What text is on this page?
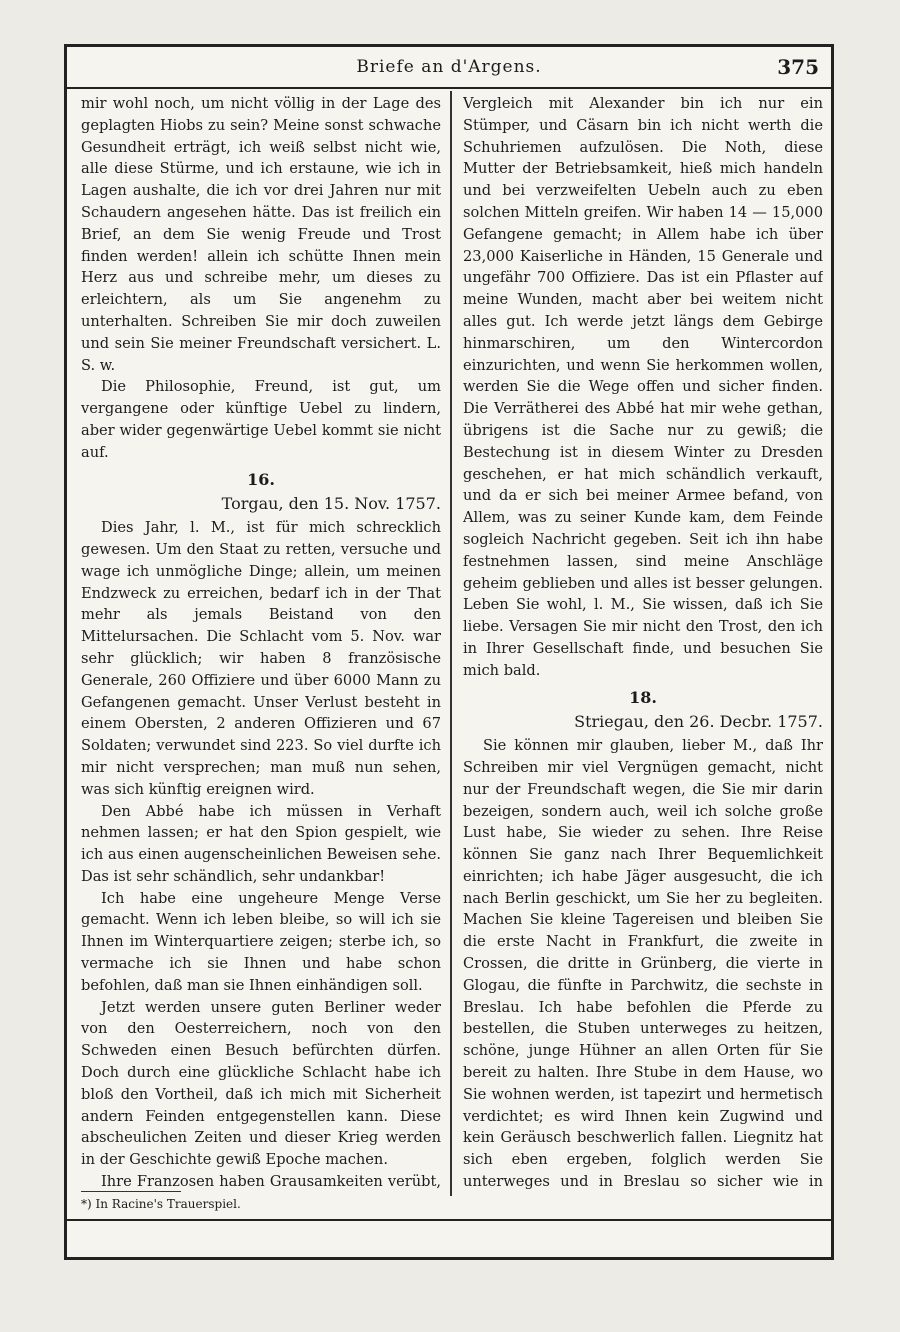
Briefe an d'Argens.	375

mir wohl noch, um nicht völlig in der Lage des geplagten Hiobs zu sein? Meine sonst schwache Gesundheit erträgt, ich weiß selbst nicht wie, alle diese Stürme, und ich erstaune, wie ich in Lagen aushalte, die ich vor drei Jahren nur mit Schaudern angesehen hätte. Das ist freilich ein Brief, an dem Sie wenig Freude und Trost finden werden! allein ich schütte Ihnen mein Herz aus und schreibe mehr, um dieses zu erleichtern, als um Sie angenehm zu unterhalten. Schreiben Sie mir doch zuweilen und sein Sie meiner Freundschaft versichert. L. S. w.

Die Philosophie, Freund, ist gut, um vergangene oder künftige Uebel zu lindern, aber wider gegenwärtige Uebel kommt sie nicht auf.

16.
Torgau, den 15. Nov. 1757.

Dies Jahr, l. M., ist für mich schrecklich gewesen. Um den Staat zu retten, versuche und wage ich unmögliche Dinge; allein, um meinen Endzweck zu erreichen, bedarf ich in der That mehr als jemals Beistand von den Mittelursachen. Die Schlacht vom 5. Nov. war sehr glücklich; wir haben 8 französische Generale, 260 Offiziere und über 6000 Mann zu Gefangenen gemacht. Unser Verlust besteht in einem Obersten, 2 anderen Offizieren und 67 Soldaten; verwundet sind 223. So viel durfte ich mir nicht versprechen; man muß nun sehen, was sich künftig ereignen wird.

Den Abbé habe ich müssen in Verhaft nehmen lassen; er hat den Spion gespielt, wie ich aus einen augenscheinlichen Beweisen sehe. Das ist sehr schändlich, sehr undankbar!

Ich habe eine ungeheure Menge Verse gemacht. Wenn ich leben bleibe, so will ich sie Ihnen im Winterquartiere zeigen; sterbe ich, so vermache ich sie Ihnen und habe schon befohlen, daß man sie Ihnen einhändigen soll.

Jetzt werden unsere guten Berliner weder von den Oesterreichern, noch von den Schweden einen Besuch befürchten dürfen. Doch durch eine glückliche Schlacht habe ich bloß den Vortheil, daß ich mich mit Sicherheit andern Feinden entgegenstellen kann. Diese abscheulichen Zeiten und dieser Krieg werden in der Geschichte gewiß Epoche machen.

Ihre Franzosen haben Grausamkeiten verübt,

Vergleich mit Alexander bin ich nur ein Stümper, und Cäsarn bin ich nicht werth die Schuhriemen aufzulösen. Die Noth, diese Mutter der Betriebsamkeit, hieß mich handeln und bei verzweifelten Uebeln auch zu eben solchen Mitteln greifen. Wir haben 14 — 15,000 Gefangene gemacht; in Allem habe ich über 23,000 Kaiserliche in Händen, 15 Generale und ungefähr 700 Offiziere. Das ist ein Pflaster auf meine Wunden, macht aber bei weitem nicht alles gut. Ich werde jetzt längs dem Gebirge hinmarschiren, um den Wintercordon einzurichten, und wenn Sie herkommen wollen, werden Sie die Wege offen und sicher finden. Die Verrätherei des Abbé hat mir wehe gethan, übrigens ist die Sache nur zu gewiß; die Bestechung ist in diesem Winter zu Dresden geschehen, er hat mich schändlich verkauft, und da er sich bei meiner Armee befand, von Allem, was zu seiner Kunde kam, dem Feinde sogleich Nachricht gegeben. Seit ich ihn habe festnehmen lassen, sind meine Anschläge geheim geblieben und alles ist besser gelungen. Leben Sie wohl, l. M., Sie wissen, daß ich Sie liebe. Versagen Sie mir nicht den Trost, den ich in Ihrer Gesellschaft finde, und besuchen Sie mich bald.

18.
Striegau, den 26. Decbr. 1757.

Sie können mir glauben, lieber M., daß Ihr Schreiben mir viel Vergnügen gemacht, nicht nur der Freundschaft wegen, die Sie mir darin bezeigen, sondern auch, weil ich solche große Lust habe, Sie wieder zu sehen. Ihre Reise können Sie ganz nach Ihrer Bequemlichkeit einrichten; ich habe Jäger ausgesucht, die ich nach Berlin geschickt, um Sie her zu begleiten. Machen Sie kleine Tagereisen und bleiben Sie die erste Nacht in Frankfurt, die zweite in Crossen, die dritte in Grünberg, die vierte in Glogau, die fünfte in Parchwitz, die sechste in Breslau. Ich habe befohlen die Pferde zu bestellen, die Stuben unterweges zu heitzen, schöne, junge Hühner an allen Orten für Sie bereit zu halten. Ihre Stube in dem Hause, wo Sie wohnen werden, ist tapezirt und hermetisch verdichtet; es wird Ihnen kein Zugwind und kein Geräusch beschwerlich fallen. Liegnitz hat sich eben ergeben, folglich werden Sie unterweges und in Breslau so sicher wie in

*) In Racine's Trauerspiel.
